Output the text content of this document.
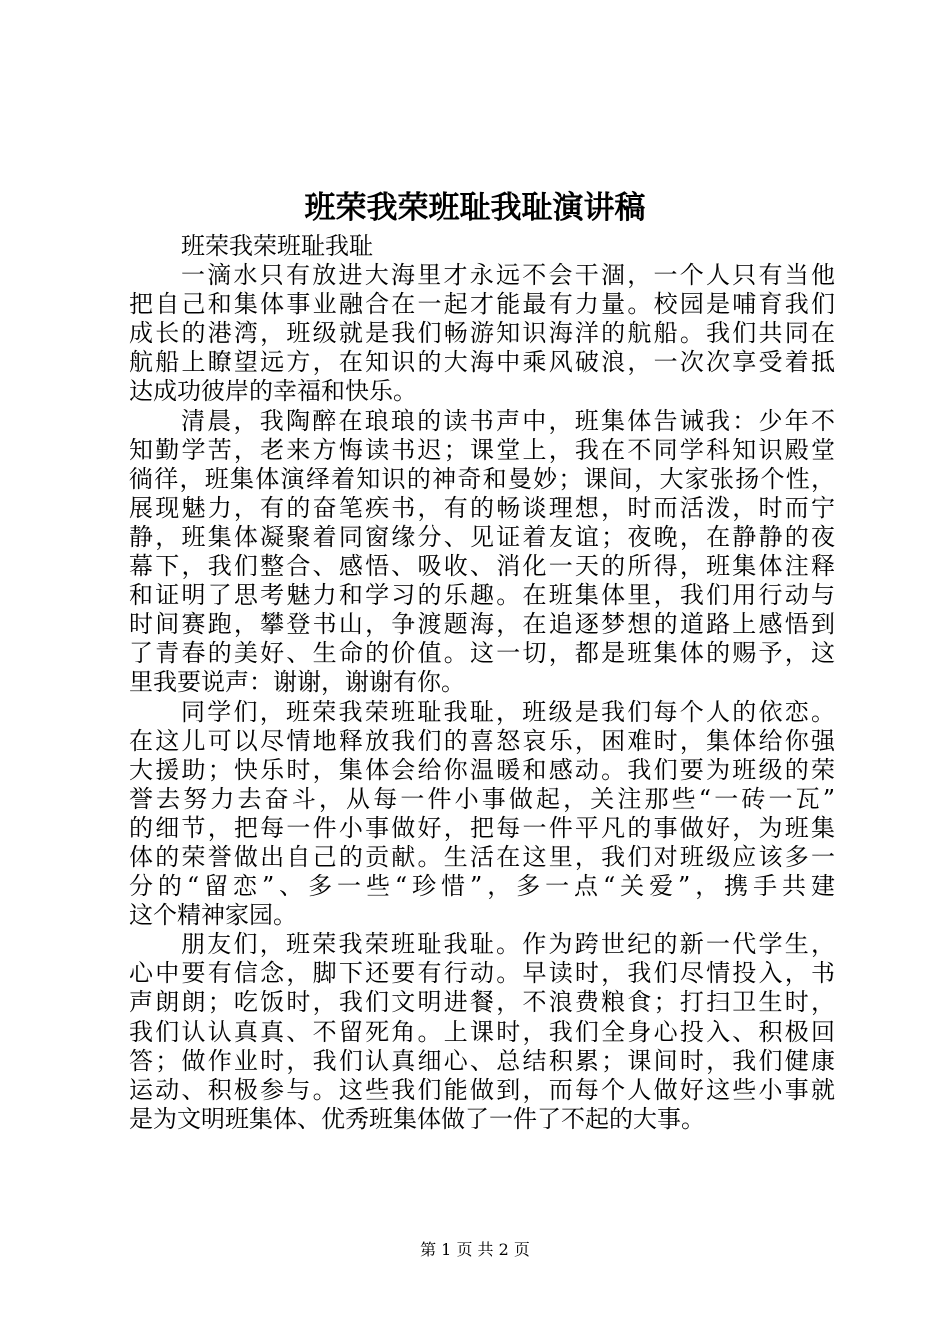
班荣我荣班耻我耻演讲稿
班荣我荣班耻我耻
一滴水只有放进大海里才永远不会干涸，一个人只有当他
把自己和集体事业融合在一起才能最有力量。校园是哺育我们
成长的港湾，班级就是我们畅游知识海洋的航船。我们共同在
航船上瞭望远方，在知识的大海中乘风破浪，一次次享受着抵
达成功彼岸的幸福和快乐。
清晨，我陶醉在琅琅的读书声中，班集体告诫我：少年不
知勤学苦，老来方悔读书迟；课堂上，我在不同学科知识殿堂
徜徉，班集体演绎着知识的神奇和曼妙；课间，大家张扬个性，
展现魅力，有的奋笔疾书，有的畅谈理想，时而活泼，时而宁
静，班集体凝聚着同窗缘分、见证着友谊；夜晚，在静静的夜
幕下，我们整合、感悟、吸收、消化一天的所得，班集体注释
和证明了思考魅力和学习的乐趣。在班集体里，我们用行动与
时间赛跑，攀登书山，争渡题海，在追逐梦想的道路上感悟到
了青春的美好、生命的价值。这一切，都是班集体的赐予，这
里我要说声：谢谢，谢谢有你。
同学们，班荣我荣班耻我耻，班级是我们每个人的依恋。
在这儿可以尽情地释放我们的喜怒哀乐，困难时，集体给你强
大援助；快乐时，集体会给你温暖和感动。我们要为班级的荣
誉去努力去奋斗，从每一件小事做起，关注那些“一砖一瓦”
的细节，把每一件小事做好，把每一件平凡的事做好，为班集
体的荣誉做出自己的贡献。生活在这里，我们对班级应该多一
分的“留恋”、多一些“珍惜”，多一点“关爱”，携手共建
这个精神家园。
朋友们，班荣我荣班耻我耻。作为跨世纪的新一代学生，
心中要有信念，脚下还要有行动。早读时，我们尽情投入，书
声朗朗；吃饭时，我们文明进餐，不浪费粮食；打扫卫生时，
我们认认真真、不留死角。上课时，我们全身心投入、积极回
答；做作业时，我们认真细心、总结积累；课间时，我们健康
运动、积极参与。这些我们能做到，而每个人做好这些小事就
是为文明班集体、优秀班集体做了一件了不起的大事。
第 1 页 共 2 页
